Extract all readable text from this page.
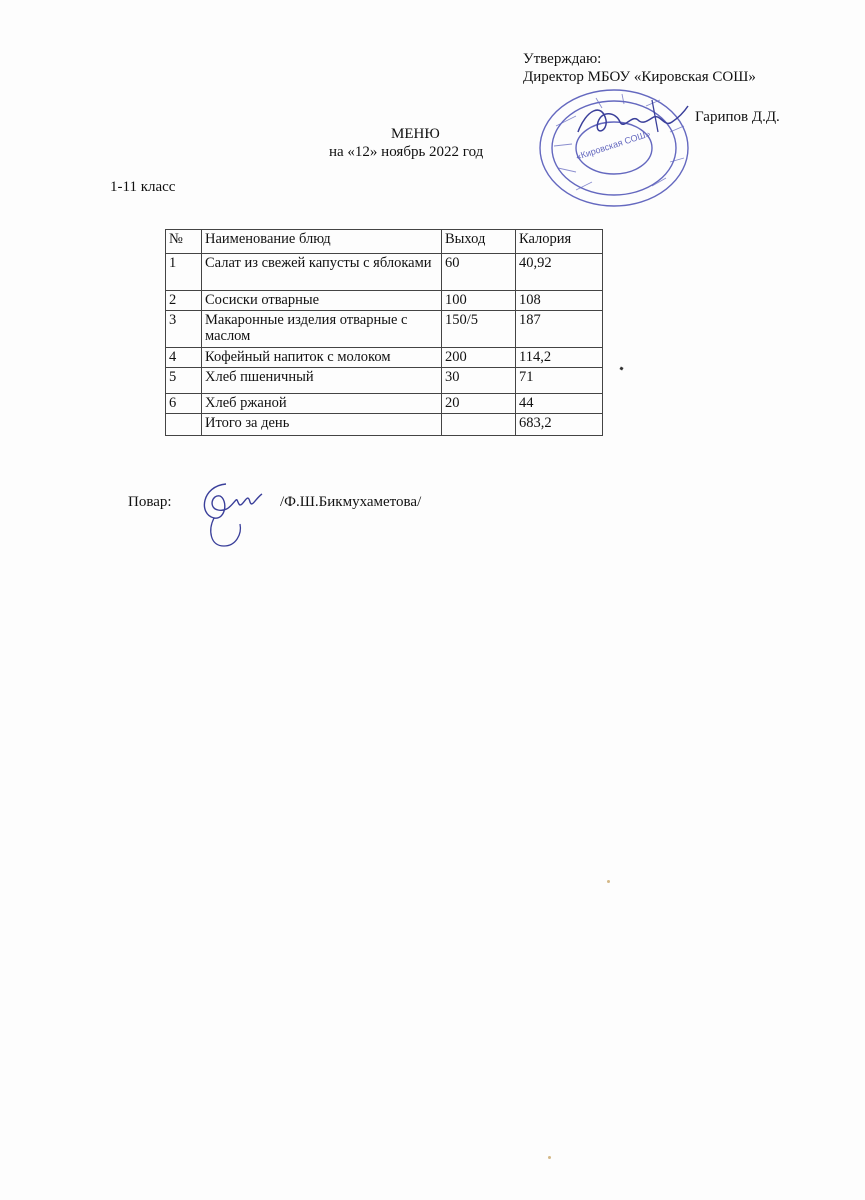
Утверждаю:
Директор МБОУ «Кировская СОШ»
Гарипов Д.Д.
«Кировская СОШ»
МЕНЮ
на «12» ноябрь 2022 год
1-11 класс
№	Наименование блюд	Выход	Калория
1	Салат из свежей капусты с яблоками	60	40,92
2	Сосиски отварные	100	108
3	Макаронные изделия отварные с маслом	150/5	187
4	Кофейный напиток с молоком	200	114,2
5	Хлеб пшеничный	30	71
6	Хлеб ржаной	20	44
	Итого за день		683,2
Повар:	/Ф.Ш.Бикмухаметова/
